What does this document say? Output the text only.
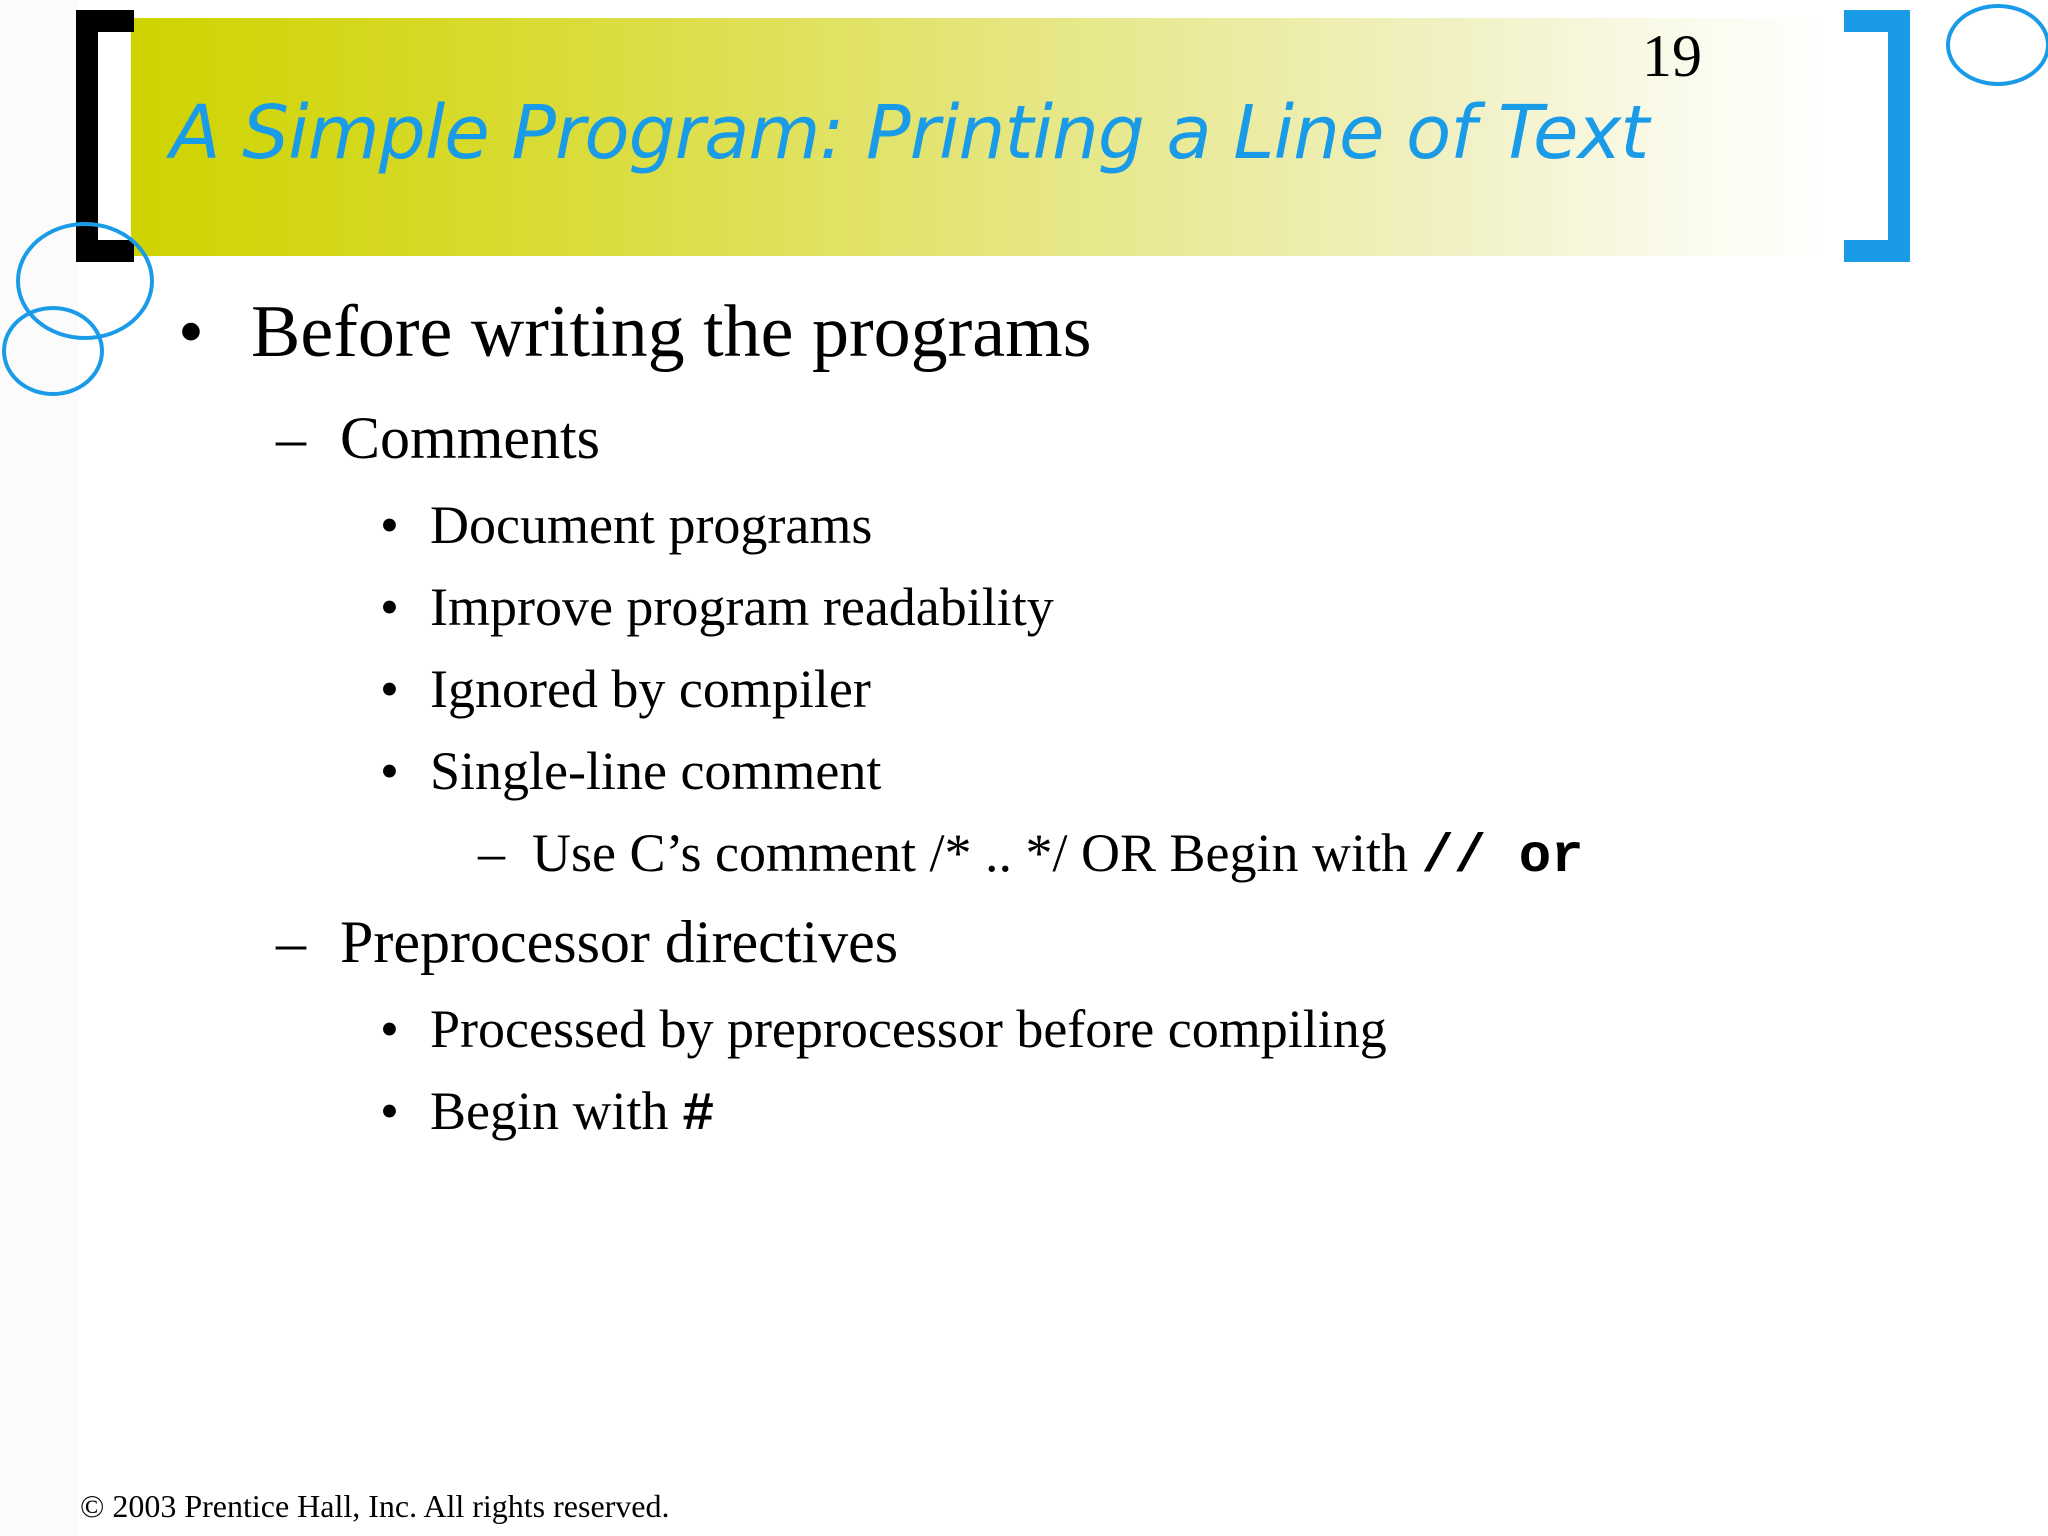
19
A Simple Program: Printing a Line of Text
• Before writing the programs
– Comments
• Document programs
• Improve program readability
• Ignored by compiler
• Single-line comment
– Use C’s comment /* .. */ OR Begin with // or
– Preprocessor directives
• Processed by preprocessor before compiling
• Begin with #
© 2003 Prentice Hall, Inc. All rights reserved.
